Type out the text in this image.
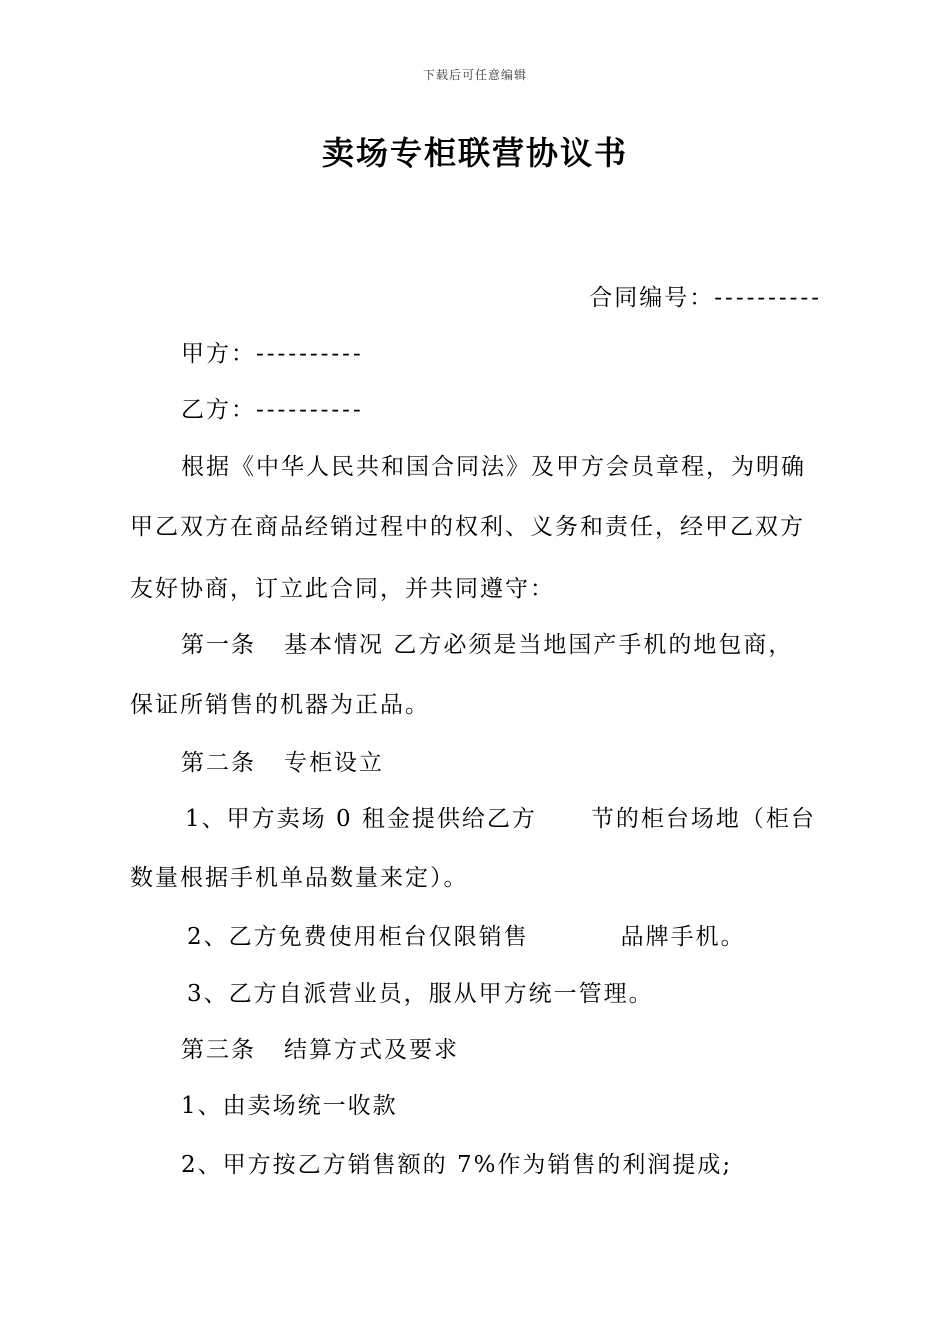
下载后可任意编辑
卖场专柜联营协议书
合同编号：----------
甲方：----------
乙方：----------
根据《中华人民共和国合同法》及甲方会员章程，为明确
甲乙双方在商品经销过程中的权利、义务和责任，经甲乙双方
友好协商，订立此合同，并共同遵守：
第一条 基本情况 乙方必须是当地国产手机的地包商，
保证所销售的机器为正品。
第二条 专柜设立
1、甲方卖场 0 租金提供给乙方 节的柜台场地（柜台
数量根据手机单品数量来定）。
2、乙方免费使用柜台仅限销售	品牌手机。
3、乙方自派营业员，服从甲方统一管理。
第三条 结算方式及要求
1、由卖场统一收款
2、甲方按乙方销售额的 7%作为销售的利润提成;
